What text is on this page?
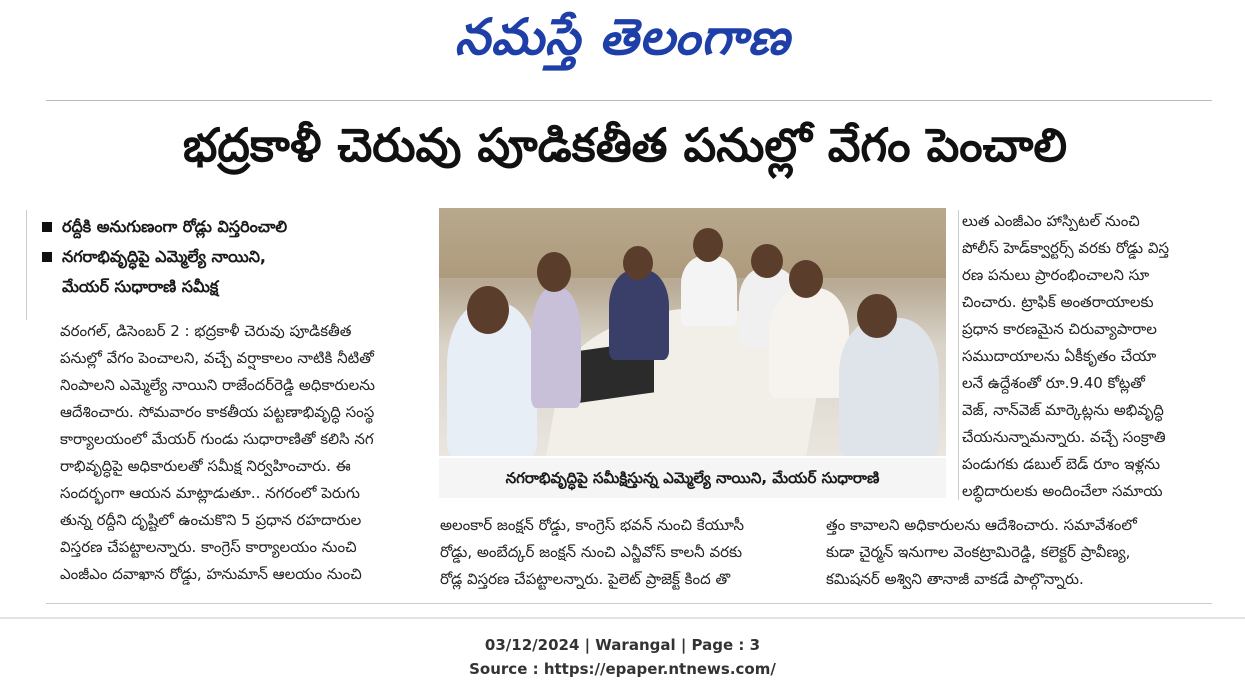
నమస్తే తెలంగాణ
భద్రకాళీ చెరువు పూడికతీత పనుల్లో వేగం పెంచాలి
రద్దీకి అనుగుణంగా రోడ్లు విస్తరించాలి
నగరాభివృద్ధిపై ఎమ్మెల్యే నాయిని,
మేయర్ సుధారాణి సమీక్ష
వరంగల్, డిసెంబర్ 2 : భద్రకాళీ చెరువు పూడికతీత
పనుల్లో వేగం పెంచాలని, వచ్చే వర్షాకాలం నాటికి నీటితో
నింపాలని ఎమ్మెల్యే నాయిని రాజేందర్‌రెడ్డి అధికారులను
ఆదేశించారు. సోమవారం కాకతీయ పట్టణాభివృద్ధి సంస్థ
కార్యాలయంలో మేయర్ గుండు సుధారాణితో కలిసి నగ
రాభివృద్ధిపై అధికారులతో సమీక్ష నిర్వహించారు. ఈ
సందర్భంగా ఆయన మాట్లాడుతూ.. నగరంలో పెరుగు
తున్న రద్దీని దృష్టిలో ఉంచుకొని 5 ప్రధాన రహదారుల
విస్తరణ చేపట్టాలన్నారు. కాంగ్రెస్ కార్యాలయం నుంచి
ఎంజీఎం దవాఖాన రోడ్డు, హనుమాన్ ఆలయం నుంచి
నగరాభివృద్ధిపై సమీక్షిస్తున్న ఎమ్మెల్యే నాయిని, మేయర్ సుధారాణి
లుత ఎంజీఎం హాస్పిటల్ నుంచి
పోలీస్ హెడ్‌క్వార్టర్స్ వరకు రోడ్డు విస్త
రణ పనులు ప్రారంభించాలని సూ
చించారు. ట్రాఫిక్ అంతరాయాలకు
ప్రధాన కారణమైన చిరువ్యాపారాల
సముదాయాలను ఏకీకృతం చేయా
లనే ఉద్దేశంతో రూ.9.40 కోట్లతో
వెజ్, నాన్‌వెజ్ మార్కెట్లను అభివృద్ధి
చేయనున్నామన్నారు. వచ్చే సంక్రాతి
పండుగకు డబుల్ బెడ్ రూం ఇళ్లను
లబ్ధిదారులకు అందించేలా సమాయ
అలంకార్ జంక్షన్ రోడ్డు, కాంగ్రెస్ భవన్ నుంచి కేయూసీ
రోడ్డు, అంబేద్కర్ జంక్షన్ నుంచి ఎన్జీవోస్ కాలనీ వరకు
రోడ్ల విస్తరణ చేపట్టాలన్నారు. పైలెట్ ప్రాజెక్ట్ కింద తొ
త్తం కావాలని అధికారులను ఆదేశించారు. సమావేశంలో
కుడా చైర్మన్ ఇనుగాల వెంకట్రామిరెడ్డి, కలెక్టర్ ప్రావీణ్య,
కమిషనర్ అశ్విని తానాజీ వాకడే పాల్గొన్నారు.
03/12/2024 | Warangal | Page : 3
Source : https://epaper.ntnews.com/
